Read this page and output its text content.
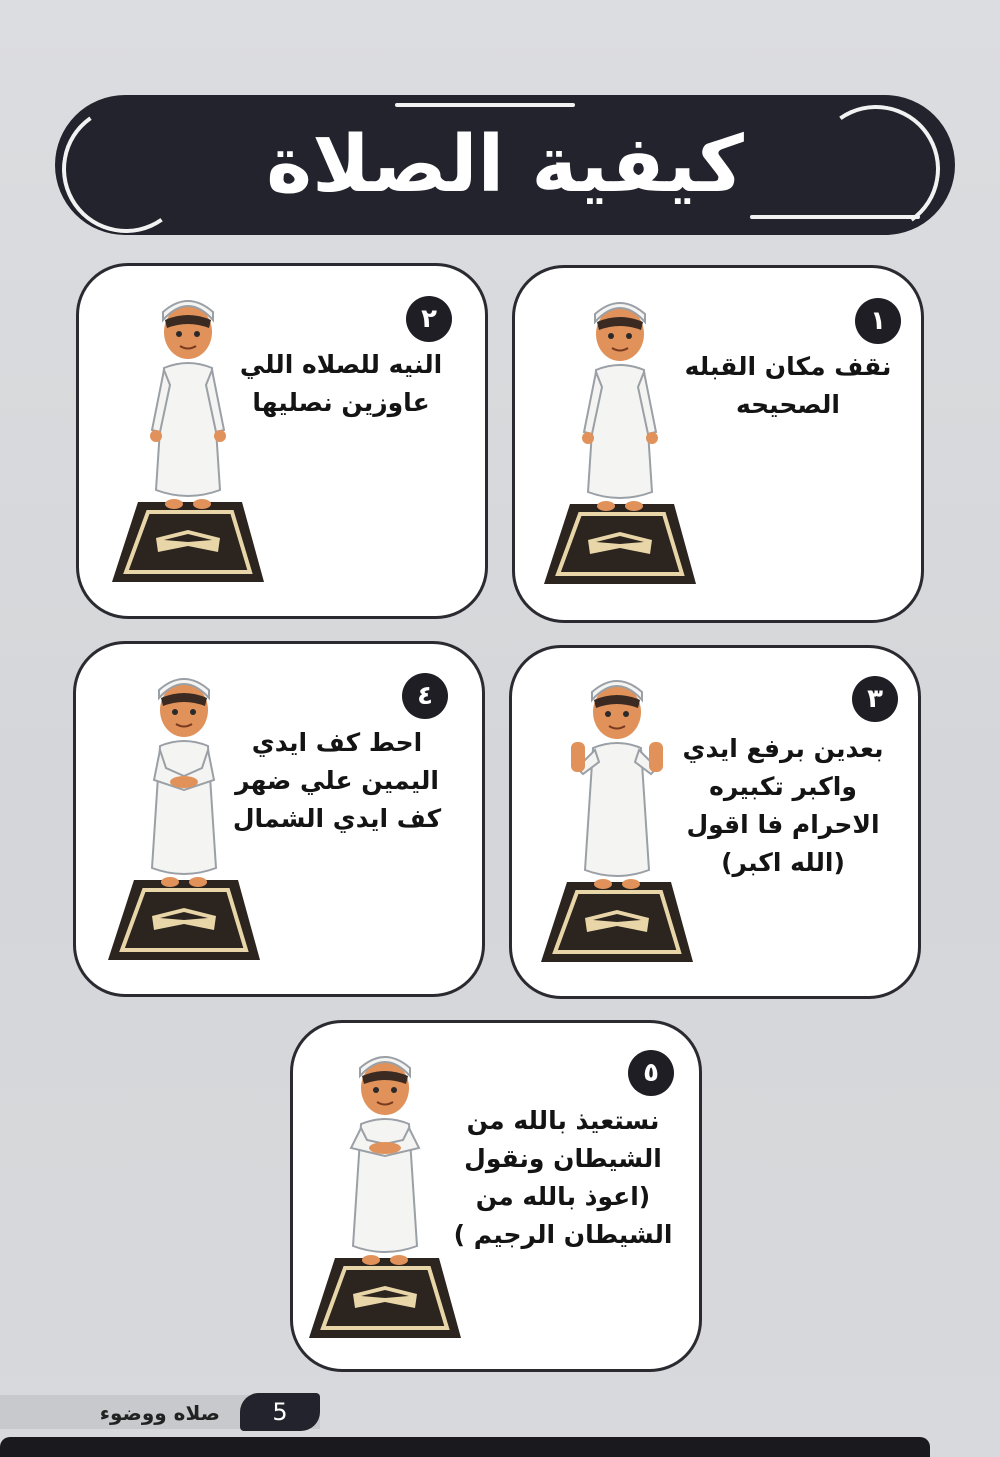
كيفية الصلاة
١
نقف مكان القبله
الصحيحه
٢
النيه للصلاه اللي
عاوزين نصليها
٣
بعدين برفع ايدي
واكبر تكبيره
الاحرام فا اقول
(الله اكبر)
٤
احط كف ايدي
اليمين علي ضهر
كف ايدي الشمال
٥
نستعيذ بالله من
الشيطان ونقول
(اعوذ بالله من
الشيطان الرجيم )
صلاه ووضوء	5
